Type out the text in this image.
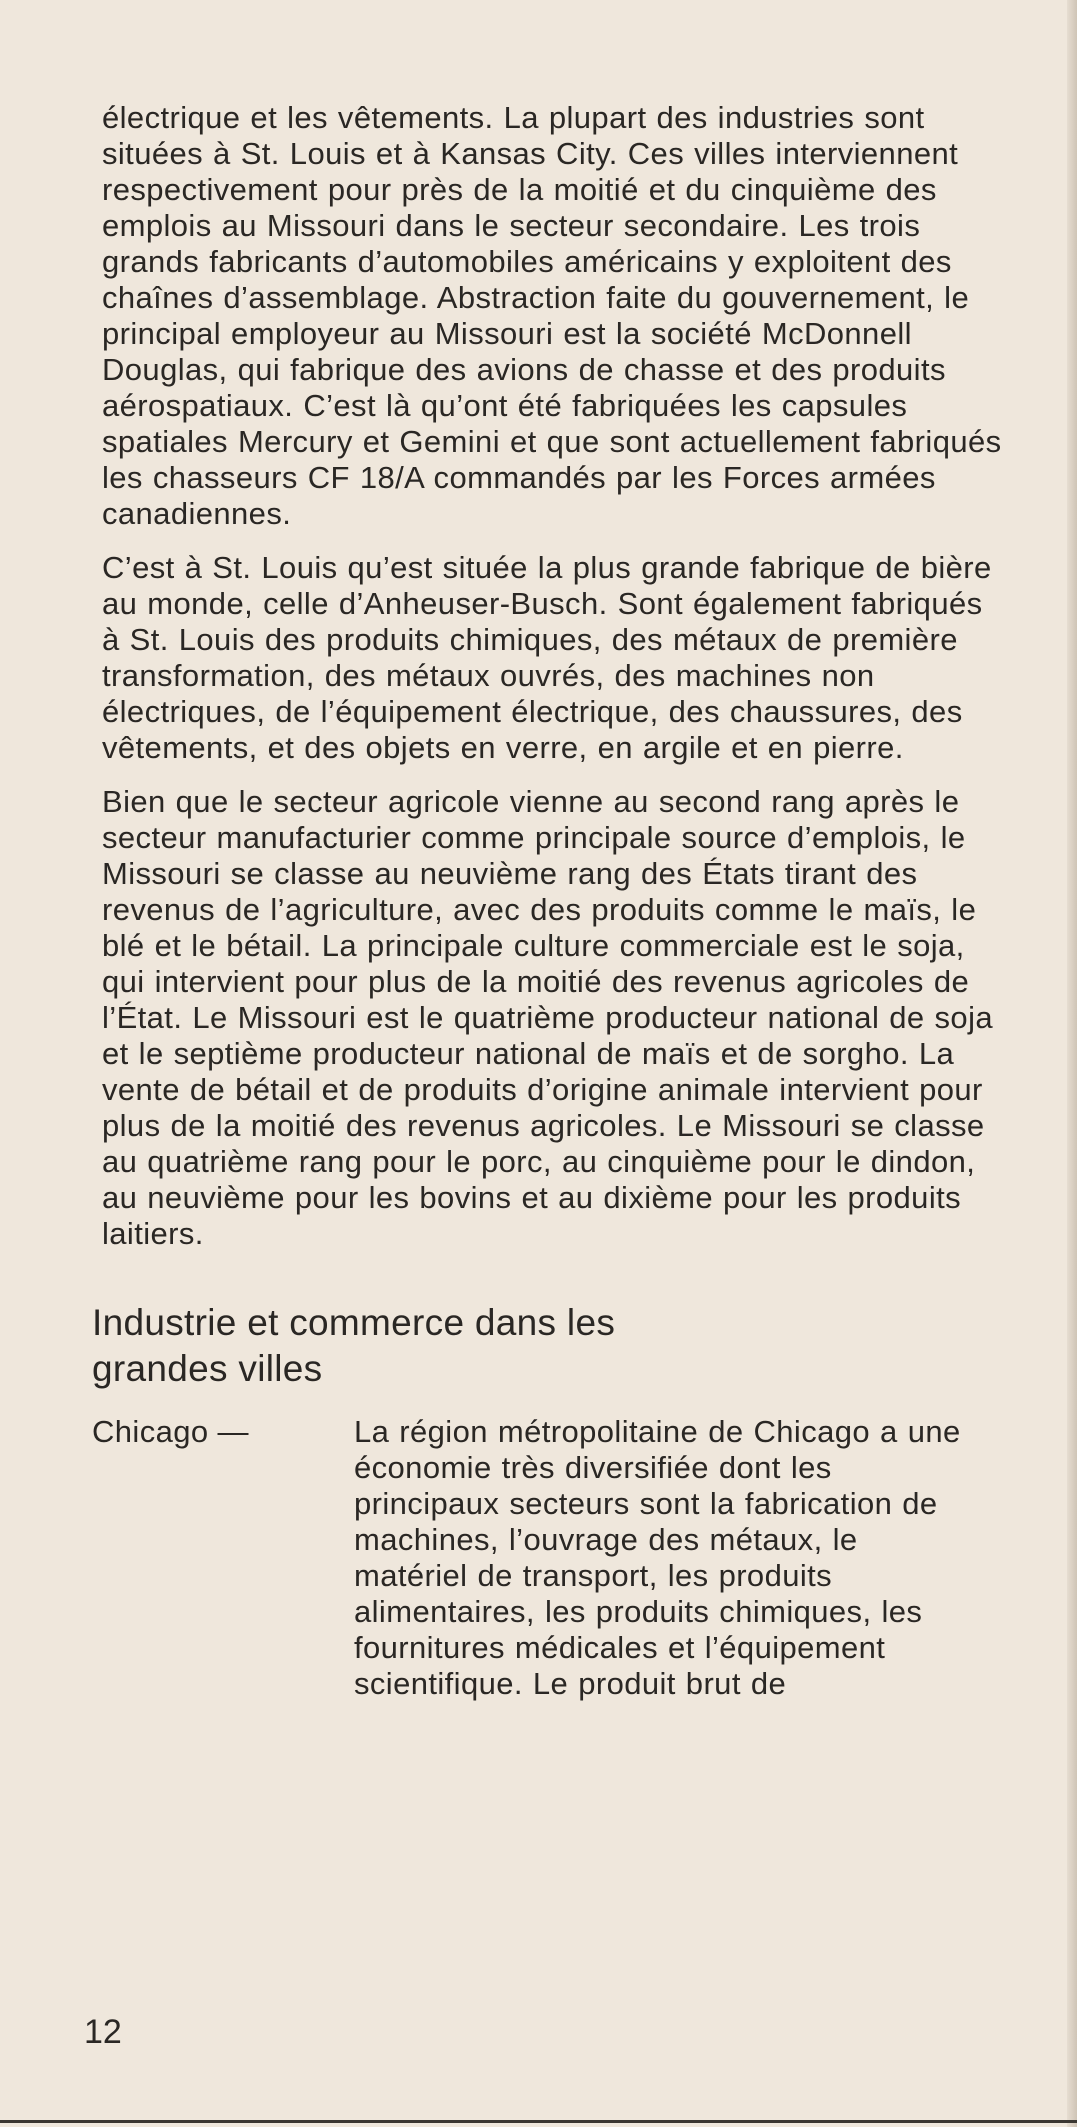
électrique et les vêtements. La plupart des industries sont situées à St. Louis et à Kansas City. Ces villes interviennent respectivement pour près de la moitié et du cinquième des emplois au Missouri dans le secteur secondaire. Les trois grands fabricants d’automobiles américains y exploitent des chaînes d’assemblage. Abstraction faite du gouvernement, le principal employeur au Missouri est la société McDonnell Douglas, qui fabrique des avions de chasse et des produits aérospatiaux. C’est là qu’ont été fabriquées les capsules spatiales Mercury et Gemini et que sont actuellement fabriqués les chasseurs CF 18/A commandés par les Forces armées canadiennes.

C’est à St. Louis qu’est située la plus grande fabrique de bière au monde, celle d’Anheuser-Busch. Sont également fabriqués à St. Louis des produits chimiques, des métaux de première transformation, des métaux ouvrés, des machines non électriques, de l’équipement électrique, des chaussures, des vêtements, et des objets en verre, en argile et en pierre.

Bien que le secteur agricole vienne au second rang après le secteur manufacturier comme principale source d’emplois, le Missouri se classe au neuvième rang des États tirant des revenus de l’agriculture, avec des produits comme le maïs, le blé et le bétail. La principale culture commerciale est le soja, qui intervient pour plus de la moitié des revenus agricoles de l’État. Le Missouri est le quatrième producteur national de soja et le septième producteur national de maïs et de sorgho. La vente de bétail et de produits d’origine animale intervient pour plus de la moitié des revenus agricoles. Le Missouri se classe au quatrième rang pour le porc, au cinquième pour le dindon, au neuvième pour les bovins et au dixième pour les produits laitiers.

Industrie et commerce dans les grandes villes
Chicago —	La région métropolitaine de Chicago a une économie très diversifiée dont les principaux secteurs sont la fabrication de machines, l’ouvrage des métaux, le matériel de transport, les produits alimentaires, les produits chimiques, les fournitures médicales et l’équipement scientifique. Le produit brut de
12
